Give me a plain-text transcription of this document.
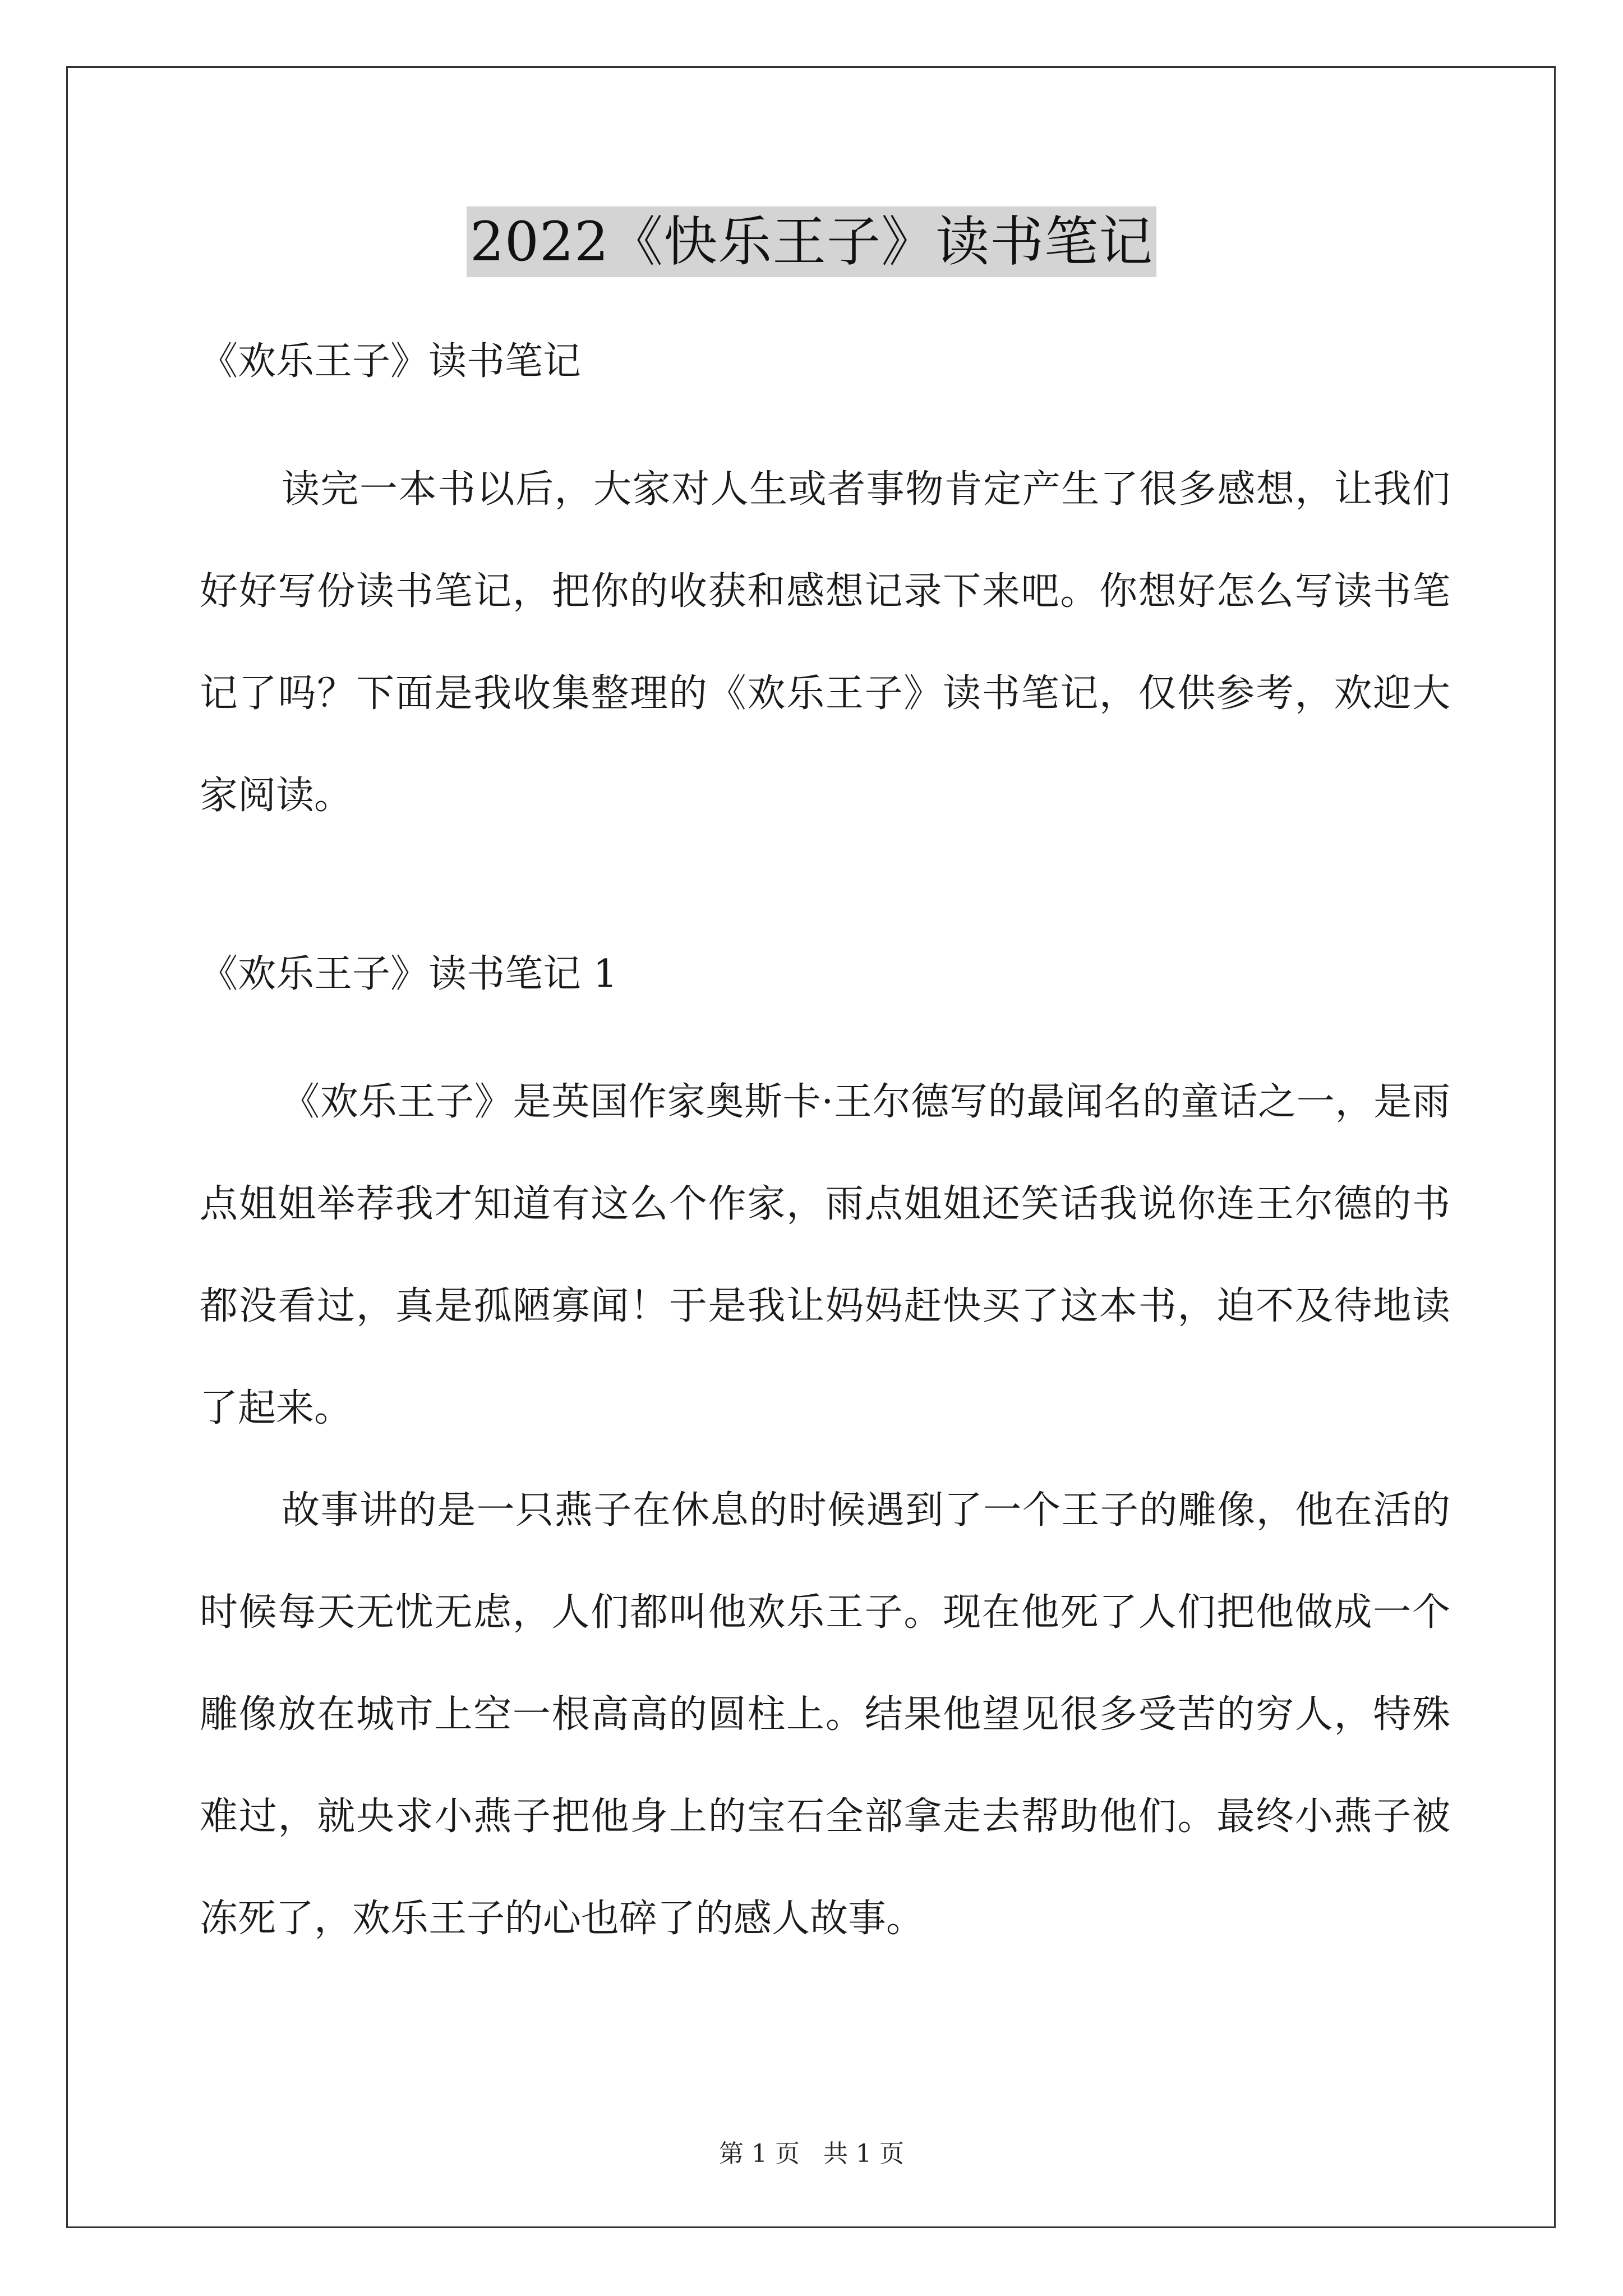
2022《快乐王子》读书笔记
《欢乐王子》读书笔记

读完一本书以后，大家对人生或者事物肯定产生了很多感想，让我们好好写份读书笔记，把你的收获和感想记录下来吧。你想好怎么写读书笔记了吗？下面是我收集整理的《欢乐王子》读书笔记，仅供参考，欢迎大家阅读。

《欢乐王子》读书笔记 1

《欢乐王子》是英国作家奥斯卡·王尔德写的最闻名的童话之一，是雨点姐姐举荐我才知道有这么个作家，雨点姐姐还笑话我说你连王尔德的书都没看过，真是孤陋寡闻！于是我让妈妈赶快买了这本书，迫不及待地读了起来。

故事讲的是一只燕子在休息的时候遇到了一个王子的雕像，他在活的时候每天无忧无虑，人们都叫他欢乐王子。现在他死了人们把他做成一个雕像放在城市上空一根高高的圆柱上。结果他望见很多受苦的穷人，特殊难过，就央求小燕子把他身上的宝石全部拿走去帮助他们。最终小燕子被冻死了，欢乐王子的心也碎了的感人故事。

第 1 页   共 1 页
